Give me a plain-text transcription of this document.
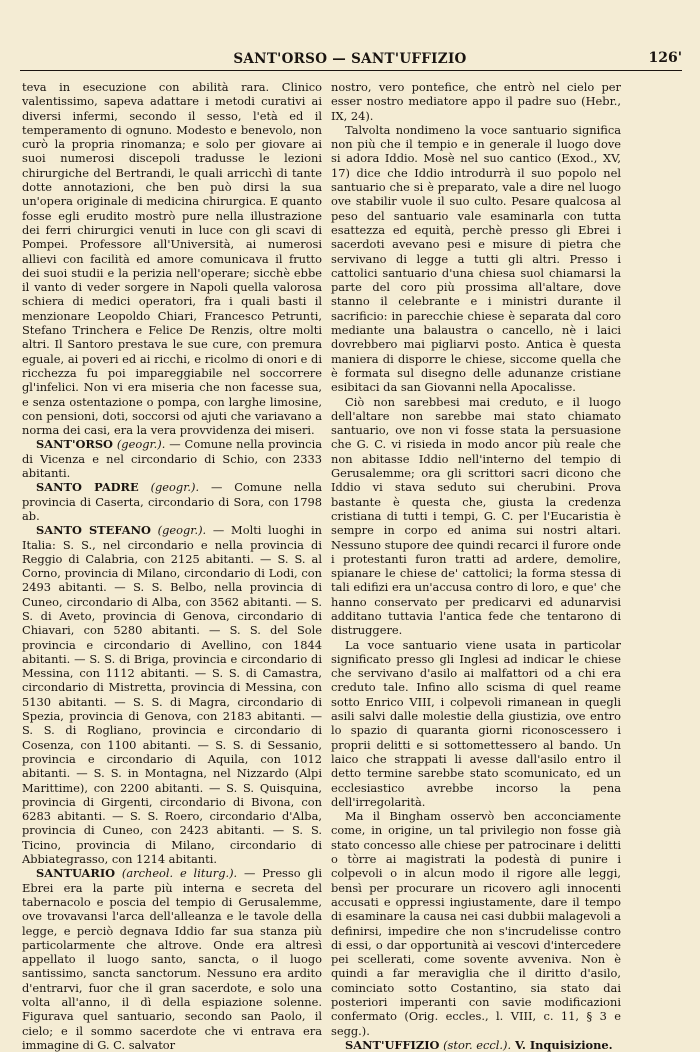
SANT'ORSO — SANT'UFFIZIO	126'

teva in esecuzione con abilità rara. Clinico valentissimo, sapeva adattare i metodi curativi ai diversi infermi, secondo il sesso, l'età ed il temperamento di ognuno. Modesto e benevolo, non curò la propria rinomanza; e solo per giovare ai suoi numerosi discepoli tradusse le lezioni chirurgiche del Bertrandi, le quali arricchì di tante dotte annotazioni, che ben può dirsi la sua un'opera originale di medicina chirurgica. E quanto fosse egli erudito mostrò pure nella illustrazione dei ferri chirurgici venuti in luce con gli scavi di Pompei. Professore all'Università, ai numerosi allievi con facilità ed amore comunicava il frutto dei suoi studii e la perizia nell'operare; sicchè ebbe il vanto di veder sorgere in Napoli quella valorosa schiera di medici operatori, fra i quali basti il menzionare Leopoldo Chiari, Francesco Petrunti, Stefano Trinchera e Felice De Renzis, oltre molti altri. Il Santoro prestava le sue cure, con premura eguale, ai poveri ed ai ricchi, e ricolmo di onori e di ricchezza fu poi impareggiabile nel soccorrere gl'infelici. Non vi era miseria che non facesse sua, e senza ostentazione o pompa, con larghe limosine, con pensioni, doti, soccorsi od ajuti che variavano a norma dei casi, era la vera provvidenza dei miseri.

SANT'ORSO (geogr.). — Comune nella provincia di Vicenza e nel circondario di Schio, con 2333 abitanti.

SANTO PADRE (geogr.). — Comune nella provincia di Caserta, circondario di Sora, con 1798 ab.

SANTO STEFANO (geogr.). — Molti luoghi in Italia: S. S., nel circondario e nella provincia di Reggio di Calabria, con 2125 abitanti. — S. S. al Corno, provincia di Milano, circondario di Lodi, con 2493 abitanti. — S. S. Belbo, nella provincia di Cuneo, circondario di Alba, con 3562 abitanti. — S. S. di Aveto, provincia di Genova, circondario di Chiavari, con 5280 abitanti. — S. S. del Sole provincia e circondario di Avellino, con 1844 abitanti. — S. S. di Briga, provincia e circondario di Messina, con 1112 abitanti. — S. S. di Camastra, circondario di Mistretta, provincia di Messina, con 5130 abitanti. — S. S. di Magra, circondario di Spezia, provincia di Genova, con 2183 abitanti. — S. S. di Rogliano, provincia e circondario di Cosenza, con 1100 abitanti. — S. S. di Sessanio, provincia e circondario di Aquila, con 1012 abitanti. — S. S. in Montagna, nel Nizzardo (Alpi Marittime), con 2200 abitanti. — S. S. Quisquina, provincia di Girgenti, circondario di Bivona, con 6283 abitanti. — S. S. Roero, circondario d'Alba, provincia di Cuneo, con 2423 abitanti. — S. S. Ticino, provincia di Milano, circondario di Abbiategrasso, con 1214 abitanti.

SANTUARIO (archeol. e liturg.). — Presso gli Ebrei era la parte più interna e secreta del tabernacolo e poscia del tempio di Gerusalemme, ove trovavansi l'arca dell'alleanza e le tavole della legge, e perciò degnava Iddio far sua stanza più particolarmente che altrove. Onde era altresì appellato il luogo santo, sancta, o il luogo santissimo, sancta sanctorum. Nessuno era ardito d'entrarvi, fuor che il gran sacerdote, e solo una volta all'anno, il dì della espiazione solenne. Figurava quel santuario, secondo san Paolo, il cielo; e il sommo sacerdote che vi entrava era immagine di G. C. salvator

nostro, vero pontefice, che entrò nel cielo per esser nostro mediatore appo il padre suo (Hebr., IX, 24).

Talvolta nondimeno la voce santuario significa non più che il tempio e in generale il luogo dove si adora Iddio. Mosè nel suo cantico (Exod., XV, 17) dice che Iddio introdurrà il suo popolo nel santuario che si è preparato, vale a dire nel luogo ove stabilir vuole il suo culto. Pesare qualcosa al peso del santuario vale esaminarla con tutta esattezza ed equità, perchè presso gli Ebrei i sacerdoti avevano pesi e misure di pietra che servivano di legge a tutti gli altri. Presso i cattolici santuario d'una chiesa suol chiamarsi la parte del coro più prossima all'altare, dove stanno il celebrante e i ministri durante il sacrificio: in parecchie chiese è separata dal coro mediante una balaustra o cancello, nè i laici dovrebbero mai pigliarvi posto. Antica è questa maniera di disporre le chiese, siccome quella che è formata sul disegno delle adunanze cristiane esibitaci da san Giovanni nella Apocalisse.

Ciò non sarebbesi mai creduto, e il luogo dell'altare non sarebbe mai stato chiamato santuario, ove non vi fosse stata la persuasione che G. C. vi risieda in modo ancor più reale che non abitasse Iddio nell'interno del tempio di Gerusalemme; ora gli scrittori sacri dicono che Iddio vi stava seduto sui cherubini. Prova bastante è questa che, giusta la credenza cristiana di tutti i tempi, G. C. per l'Eucaristia è sempre in corpo ed anima sui nostri altari. Nessuno stupore dee quindi recarci il furore onde i protestanti furon tratti ad ardere, demolire, spianare le chiese de' cattolici; la forma stessa di tali edifizi era un'accusa contro di loro, e que' che hanno conservato per predicarvi ed adunarvisi additano tuttavia l'antica fede che tentarono di distruggere.

La voce santuario viene usata in particolar significato presso gli Inglesi ad indicar le chiese che servivano d'asilo ai malfattori od a chi era creduto tale. Infino allo scisma di quel reame sotto Enrico VIII, i colpevoli rimanean in quegli asili salvi dalle molestie della giustizia, ove entro lo spazio di quaranta giorni riconoscessero i proprii delitti e si sottomettessero al bando. Un laico che strappati li avesse dall'asilo entro il detto termine sarebbe stato scomunicato, ed un ecclesiastico avrebbe incorso la pena dell'irregolarità.

Ma il Bingham osservò ben acconciamente come, in origine, un tal privilegio non fosse già stato concesso alle chiese per patrocinare i delitti o tòrre ai magistrati la podestà di punire i colpevoli o in alcun modo il rigore alle leggi, bensì per procurare un ricovero agli innocenti accusati e oppressi ingiustamente, dare il tempo di esaminare la causa nei casi dubbii malagevoli a definirsi, impedire che non s'incrudelisse contro di essi, o dar opportunità ai vescovi d'intercedere pei scellerati, come sovente avveniva. Non è quindi a far meraviglia che il diritto d'asilo, cominciato sotto Costantino, sia stato dai posteriori imperanti con savie modificazioni confermato (Orig. eccles., l. VIII, c. 11, § 3 e segg.).

SANT'UFFIZIO (stor. eccl.). V. Inquisizione.
